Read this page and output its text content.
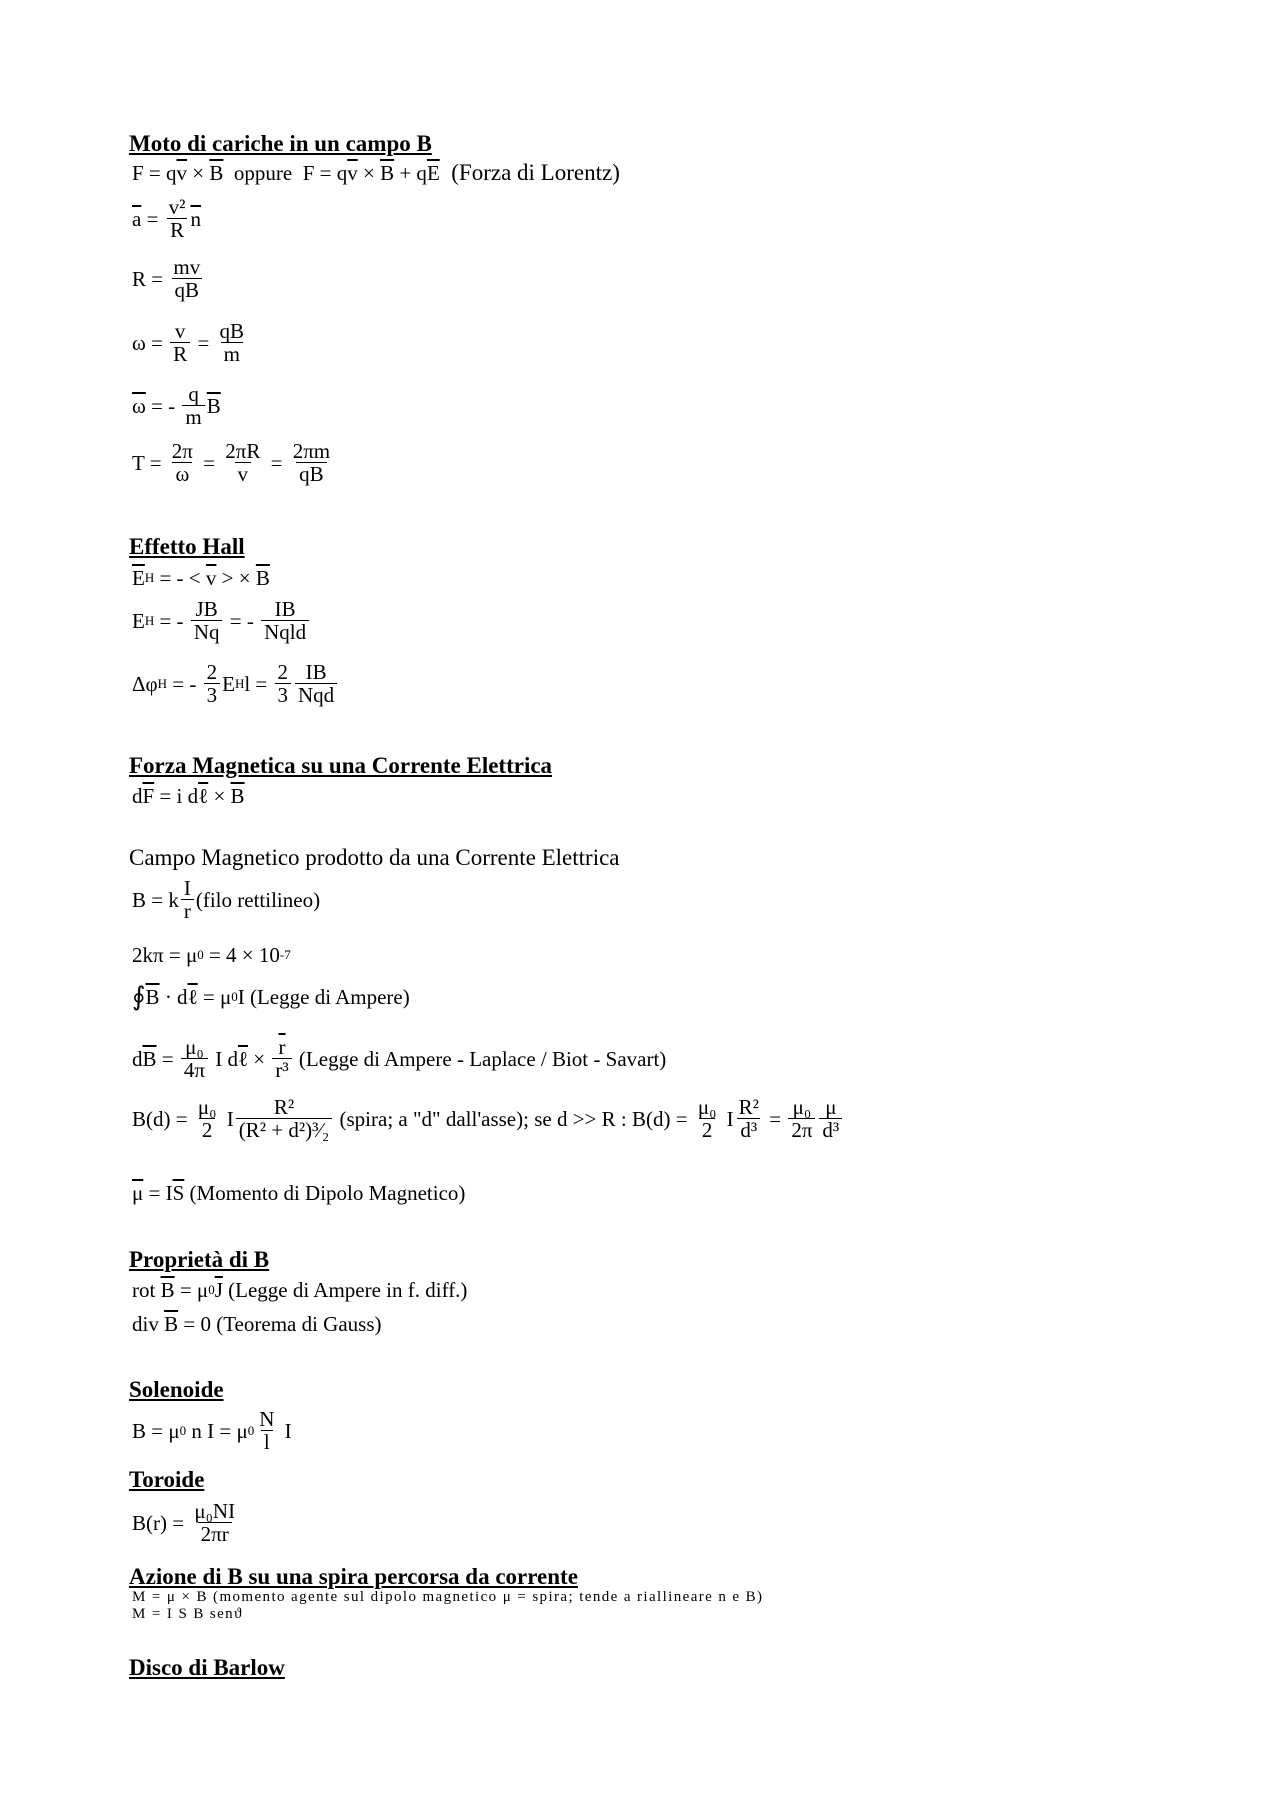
Moto di cariche in un campo B
F = q $\overline{v} \times \overline{B}$ oppure  F = q $\overline{v} \times \overline{B} + q$ $\overline{E}$ (Forza di Lorentz)
$\overline{a} = \frac{\text{v²}}{R} \overline{n}$
$R = \frac{mv}{qB}$
$\omega = \frac{v}{R} = \frac{qB}{m}$
$\overline{\omega}$ = - $\frac{q}{m} \overline{B}$
$T = \frac{2\pi}{\omega} = \frac{2\pi R}{v} = \frac{2\pi m}{qB}$
Effetto Hall
$\overline{E}$ H = - < $\overline{v}$ > × $\overline{B}$
E H = - $\frac{JB}{Nq}$ = - $\frac{IB}{\text{Nqld}}$
Δφ H = - $\frac{2}{3}$ E H $l = \frac{2}{3} \frac{IB}{\text{Nqd}}$
Forza Magnetica su una Corrente Elettrica
d $\overline{F} = i$ d ℓ × $\overline{B}$
Campo Magnetico prodotto da una Corrente Elettrica
B = k $\frac{I}{r}$ (filo rettilineo)
2kπ = μ 0 = 4 × 10 -7
∮ $\overline{B} \cdot d$ ℓ = μ 0 I (Legge di Ampere)
d $\overline{B} = \frac{\text{μ₀}}{4\pi}$ I d ℓ × $\frac{\overline{r}}{\text{r³}}$ (Legge di Ampere - Laplace / Biot - Savart)
$B(d) = \frac{\text{μ₀}}{2}$ I $\frac{\text{R²}}{\text{(R² + d²)³⁄₂}}$ (spira; a "d" dall'asse); se d >> R : $B(d) = \frac{\text{μ₀}}{2}$ I $\frac{\text{R²}}{\text{d³}} = \frac{\text{μ₀}}{2\pi} \frac{\mu}{\text{d³}}$
$\overline{\mu} = I$ $\overline{S}$ (Momento di Dipolo Magnetico)
Proprietà di B
rot $\overline{B} = \mu$ 0 $\overline{J}$ (Legge di Ampere in f. diff.)
div $\overline{B} = 0$ (Teorema di Gauss)
Solenoide
B = μ 0 n I = μ $0 \frac{N}{l}$ I
Toroide
$B(r) = \frac{\text{μ₀NI}}{2\pi r}$
Azione di B su una spira percorsa da corrente
M = μ × B (momento agente sul dipolo magnetico μ = spira; tende a riallineare n e B)
M = I S B senϑ
Disco di Barlow
